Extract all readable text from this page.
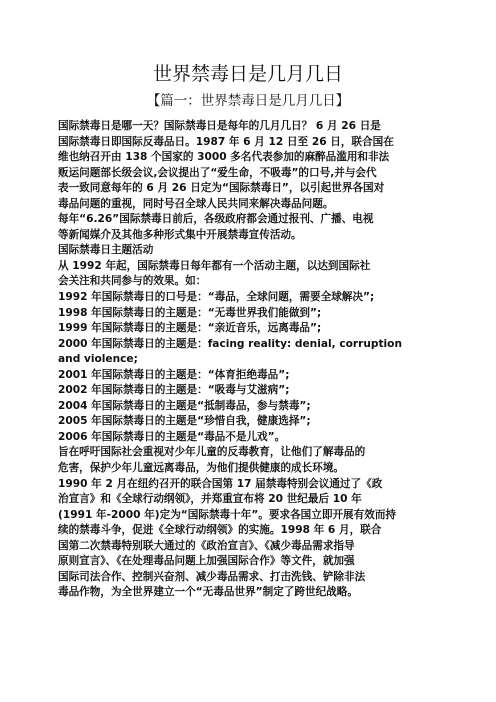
世界禁毒日是几月几日
【篇一：世界禁毒日是几月几日】
国际禁毒日是哪一天？国际禁毒日是每年的几月几日？ 6 月 26 日是
国际禁毒日即国际反毒品日。1987 年 6 月 12 日至 26 日，联合国在
维也纳召开由 138 个国家的 3000 多名代表参加的麻醉品滥用和非法
贩运问题部长级会议,会议提出了“爱生命，不吸毒”的口号,并与会代
表一致同意每年的 6 月 26 日定为“国际禁毒日”，以引起世界各国对
毒品问题的重视，同时号召全球人民共同来解决毒品问题。
每年“6.26”国际禁毒日前后，各级政府都会通过报刊、广播、电视
等新闻媒介及其他多种形式集中开展禁毒宣传活动。
国际禁毒日主题活动
从 1992 年起，国际禁毒日每年都有一个活动主题，以达到国际社
会关注和共同参与的效果。如：
1992 年国际禁毒日的口号是：“毒品，全球问题，需要全球解决”;
1998 年国际禁毒日的主题是：“无毒世界我们能做到”;
1999 年国际禁毒日的主题是：“亲近音乐，远离毒品”;
2000 年国际禁毒日的主题是：facing reality: denial, corruption
and violence;
2001 年国际禁毒日的主题是：“体育拒绝毒品”;
2002 年国际禁毒日的主题是：“吸毒与艾滋病”;
2004 年国际禁毒日的主题是“抵制毒品，参与禁毒”;
2005 年国际禁毒日的主题是“珍惜自我，健康选择”;
2006 年国际禁毒日的主题是“毒品不是儿戏”。
旨在呼吁国际社会重视对少年儿童的反毒教育，让他们了解毒品的
危害，保护少年儿童远离毒品，为他们提供健康的成长环境。
1990 年 2 月在纽约召开的联合国第 17 届禁毒特别会议通过了《政
治宣言》和《全球行动纲领》，并郑重宣布将 20 世纪最后 10 年
(1991 年-2000 年)定为“国际禁毒十年”。要求各国立即开展有效而持
续的禁毒斗争，促进《全球行动纲领》的实施。1998 年 6 月，联合
国第二次禁毒特别联大通过的《政治宣言》、《减少毒品需求指导
原则宣言》、《在处理毒品问题上加强国际合作》等文件，就加强
国际司法合作、控制兴奋剂、减少毒品需求、打击洗钱、铲除非法
毒品作物，为全世界建立一个“无毒品世界”制定了跨世纪战略。
